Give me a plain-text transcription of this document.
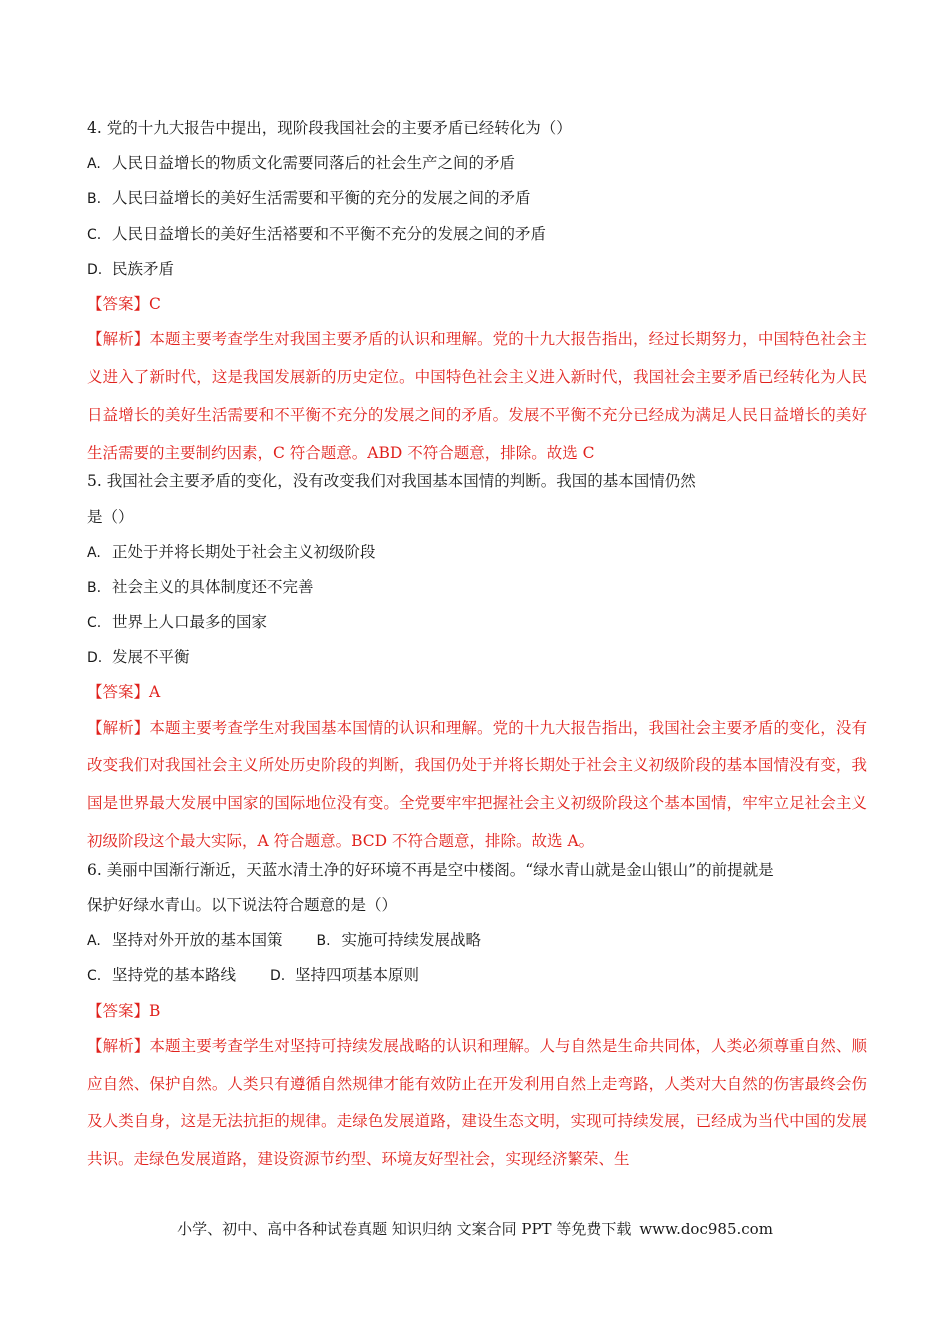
4. 党的十九大报告中提出，现阶段我国社会的主要矛盾已经转化为（）
A. 人民日益增长的物质文化需要同落后的社会生产之间的矛盾
B. 人民曰益增长的美好生活需要和平衡的充分的发展之间的矛盾
C. 人民日益增长的美好生活褡要和不平衡不充分的发展之间的矛盾
D. 民族矛盾
【答案】C
【解析】本题主要考查学生对我国主要矛盾的认识和理解。党的十九大报告指出，经过长期努力，中国特色社会主义进入了新时代，这是我国发展新的历史定位。中国特色社会主义进入新时代，我国社会主要矛盾已经转化为人民日益增长的美好生活需要和不平衡不充分的发展之间的矛盾。发展不平衡不充分已经成为满足人民日益增长的美好生活需要的主要制约因素，C 符合题意。ABD 不符合题意，排除。故选 C
5. 我国社会主要矛盾的变化，没有改变我们对我国基本国情的判断。我国的基本国情仍然
是（）
A. 正处于并将长期处于社会主义初级阶段
B. 社会主义的具体制度还不完善
C. 世界上人口最多的国家
D. 发展不平衡
【答案】A
【解析】本题主要考查学生对我国基本国情的认识和理解。党的十九大报告指出，我国社会主要矛盾的变化，没有改变我们对我国社会主义所处历史阶段的判断，我国仍处于并将长期处于社会主义初级阶段的基本国情没有变，我国是世界最大发展中国家的国际地位没有变。全党要牢牢把握社会主义初级阶段这个基本国情，牢牢立足社会主义初级阶段这个最大实际，A 符合题意。BCD 不符合题意，排除。故选 A。
6. 美丽中国渐行渐近，天蓝水清土净的好环境不再是空中楼阁。“绿水青山就是金山银山”的前提就是
保护好绿水青山。以下说法符合题意的是（）
A. 坚持对外开放的基本国策 B. 实施可持续发展战略
C. 坚持党的基本路线 D. 坚持四项基本原则
【答案】B
【解析】本题主要考查学生对坚持可持续发展战略的认识和理解。人与自然是生命共同体，人类必须尊重自然、顺应自然、保护自然。人类只有遵循自然规律才能有效防止在开发利用自然上走弯路，人类对大自然的伤害最终会伤及人类自身，这是无法抗拒的规律。走绿色发展道路，建设生态文明，实现可持续发展，已经成为当代中国的发展共识。走绿色发展道路，建设资源节约型、环境友好型社会，实现经济繁荣、生
小学、初中、高中各种试卷真题 知识归纳 文案合同 PPT 等免费下载 www.doc985.com
